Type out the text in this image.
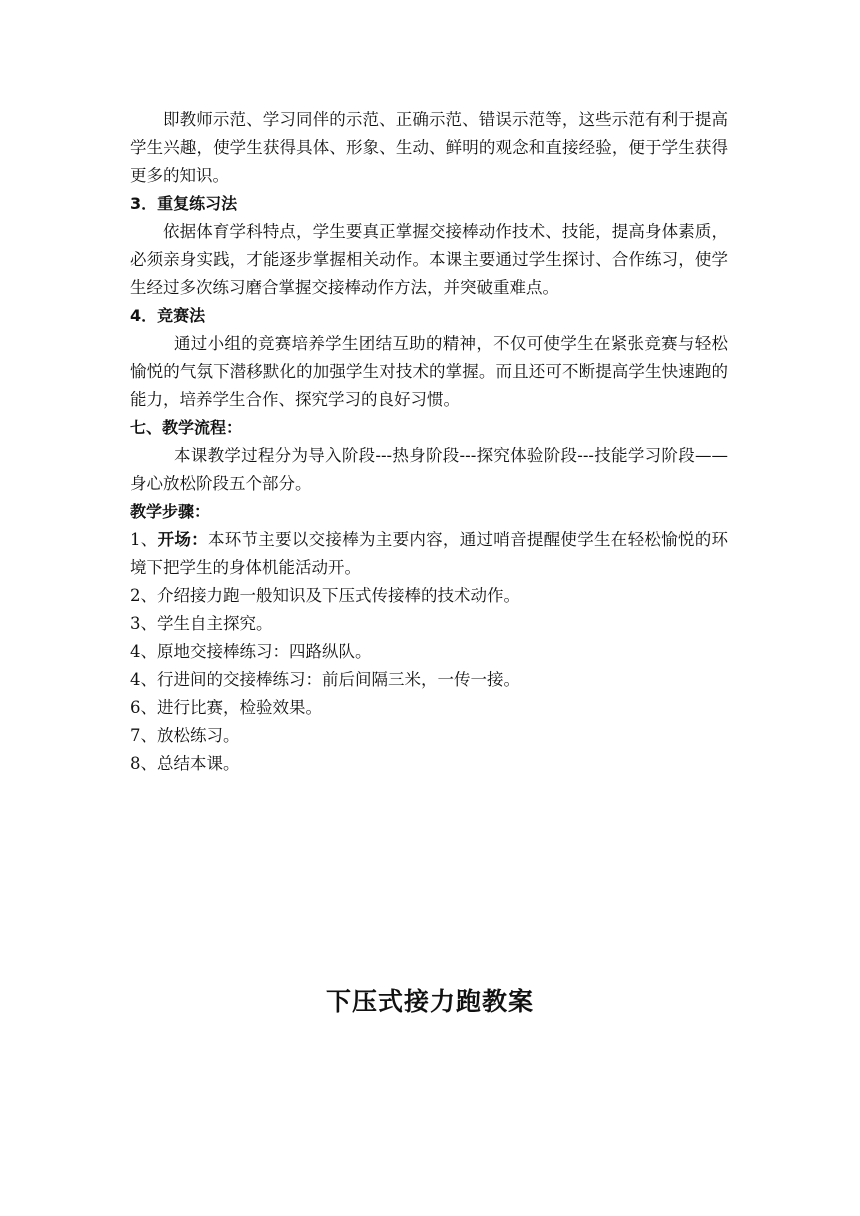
即教师示范、学习同伴的示范、正确示范、错误示范等，这些示范有利于提高学生兴趣，使学生获得具体、形象、生动、鲜明的观念和直接经验，便于学生获得更多的知识。

3．重复练习法

依据体育学科特点，学生要真正掌握交接棒动作技术、技能，提高身体素质，必须亲身实践，才能逐步掌握相关动作。本课主要通过学生探讨、合作练习，使学生经过多次练习磨合掌握交接棒动作方法，并突破重难点。

4．竞赛法

通过小组的竞赛培养学生团结互助的精神，不仅可使学生在紧张竞赛与轻松愉悦的气氛下潜移默化的加强学生对技术的掌握。而且还可不断提高学生快速跑的能力，培养学生合作、探究学习的良好习惯。

七、教学流程：

本课教学过程分为导入阶段---热身阶段---探究体验阶段---技能学习阶段——身心放松阶段五个部分。

教学步骤：

1、开场：本环节主要以交接棒为主要内容，通过哨音提醒使学生在轻松愉悦的环境下把学生的身体机能活动开。

2、介绍接力跑一般知识及下压式传接棒的技术动作。

3、学生自主探究。

4、原地交接棒练习：四路纵队。

4、行进间的交接棒练习：前后间隔三米，一传一接。

6、进行比赛，检验效果。

7、放松练习。

8、总结本课。

下压式接力跑教案
